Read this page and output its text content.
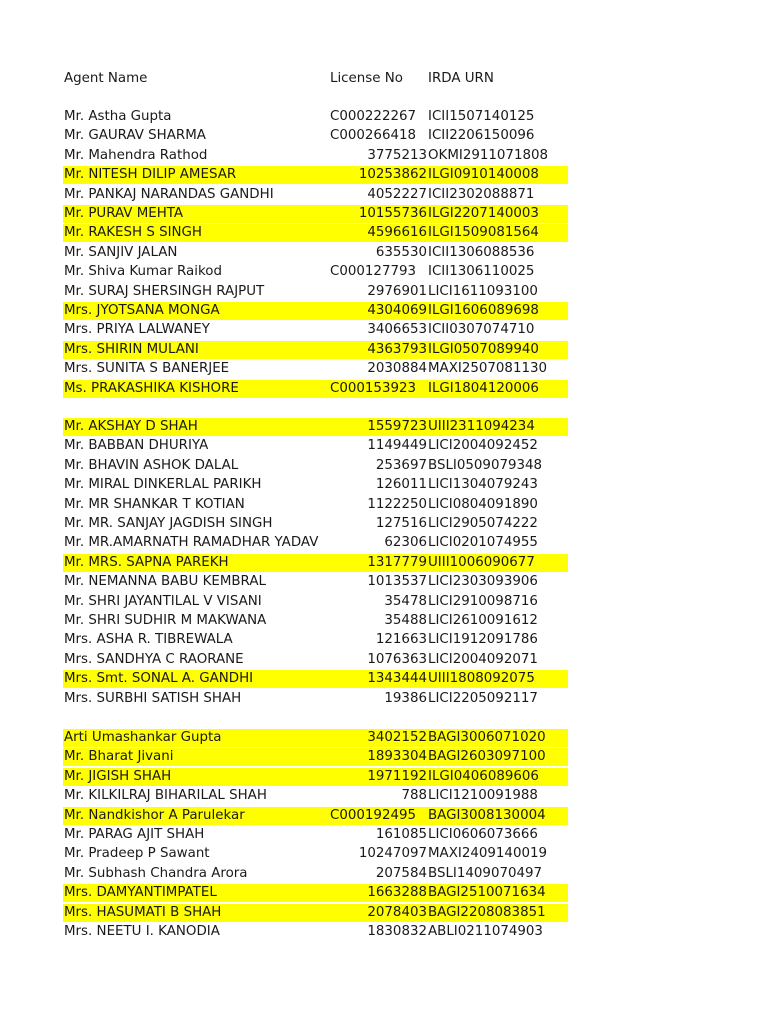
Agent Name	License No IRDA URN
Mr. Astha Gupta	C000222267 ICII1507140125
Mr. GAURAV SHARMA	C000266418 ICII2206150096
Mr. Mahendra Rathod	3775213 OKMI2911071808
Mr. NITESH DILIP AMESAR	10253862 ILGI0910140008
Mr. PANKAJ NARANDAS GANDHI	4052227 ICII2302088871
Mr. PURAV MEHTA	10155736 ILGI2207140003
Mr. RAKESH S SINGH	4596616 ILGI1509081564
Mr. SANJIV JALAN	635530 ICII1306088536
Mr. Shiva Kumar Raikod	C000127793 ICII1306110025
Mr. SURAJ SHERSINGH RAJPUT	2976901 LICI1611093100
Mrs. JYOTSANA MONGA	4304069 ILGI1606089698
Mrs. PRIYA LALWANEY	3406653 ICII0307074710
Mrs. SHIRIN MULANI	4363793 ILGI0507089940
Mrs. SUNITA S BANERJEE	2030884 MAXI2507081130
Ms. PRAKASHIKA KISHORE	C000153923 ILGI1804120006
Mr. AKSHAY D SHAH	1559723 UIII2311094234
Mr. BABBAN DHURIYA	1149449 LICI2004092452
Mr. BHAVIN ASHOK DALAL	253697 BSLI0509079348
Mr. MIRAL DINKERLAL PARIKH	126011 LICI1304079243
Mr. MR SHANKAR T KOTIAN	1122250 LICI0804091890
Mr. MR. SANJAY JAGDISH SINGH	127516 LICI2905074222
Mr. MR.AMARNATH RAMADHAR YADAV	62306 LICI0201074955
Mr. MRS. SAPNA PAREKH	1317779 UIII1006090677
Mr. NEMANNA BABU KEMBRAL	1013537 LICI2303093906
Mr. SHRI JAYANTILAL V VISANI	35478 LICI2910098716
Mr. SHRI SUDHIR M MAKWANA	35488 LICI2610091612
Mrs. ASHA R. TIBREWALA	121663 LICI1912091786
Mrs. SANDHYA C RAORANE	1076363 LICI2004092071
Mrs. Smt. SONAL A. GANDHI	1343444 UIII1808092075
Mrs. SURBHI SATISH SHAH	19386 LICI2205092117
Arti Umashankar Gupta	3402152 BAGI3006071020
Mr. Bharat Jivani	1893304 BAGI2603097100
Mr. JIGISH SHAH	1971192 ILGI0406089606
Mr. KILKILRAJ BIHARILAL SHAH	788 LICI1210091988
Mr. Nandkishor A Parulekar	C000192495 BAGI3008130004
Mr. PARAG AJIT SHAH	161085 LICI0606073666
Mr. Pradeep P Sawant	10247097 MAXI2409140019
Mr. Subhash Chandra Arora	207584 BSLI1409070497
Mrs. DAMYANTIMPATEL	1663288 BAGI2510071634
Mrs. HASUMATI B SHAH	2078403 BAGI2208083851
Mrs. NEETU I. KANODIA	1830832 ABLI0211074903
